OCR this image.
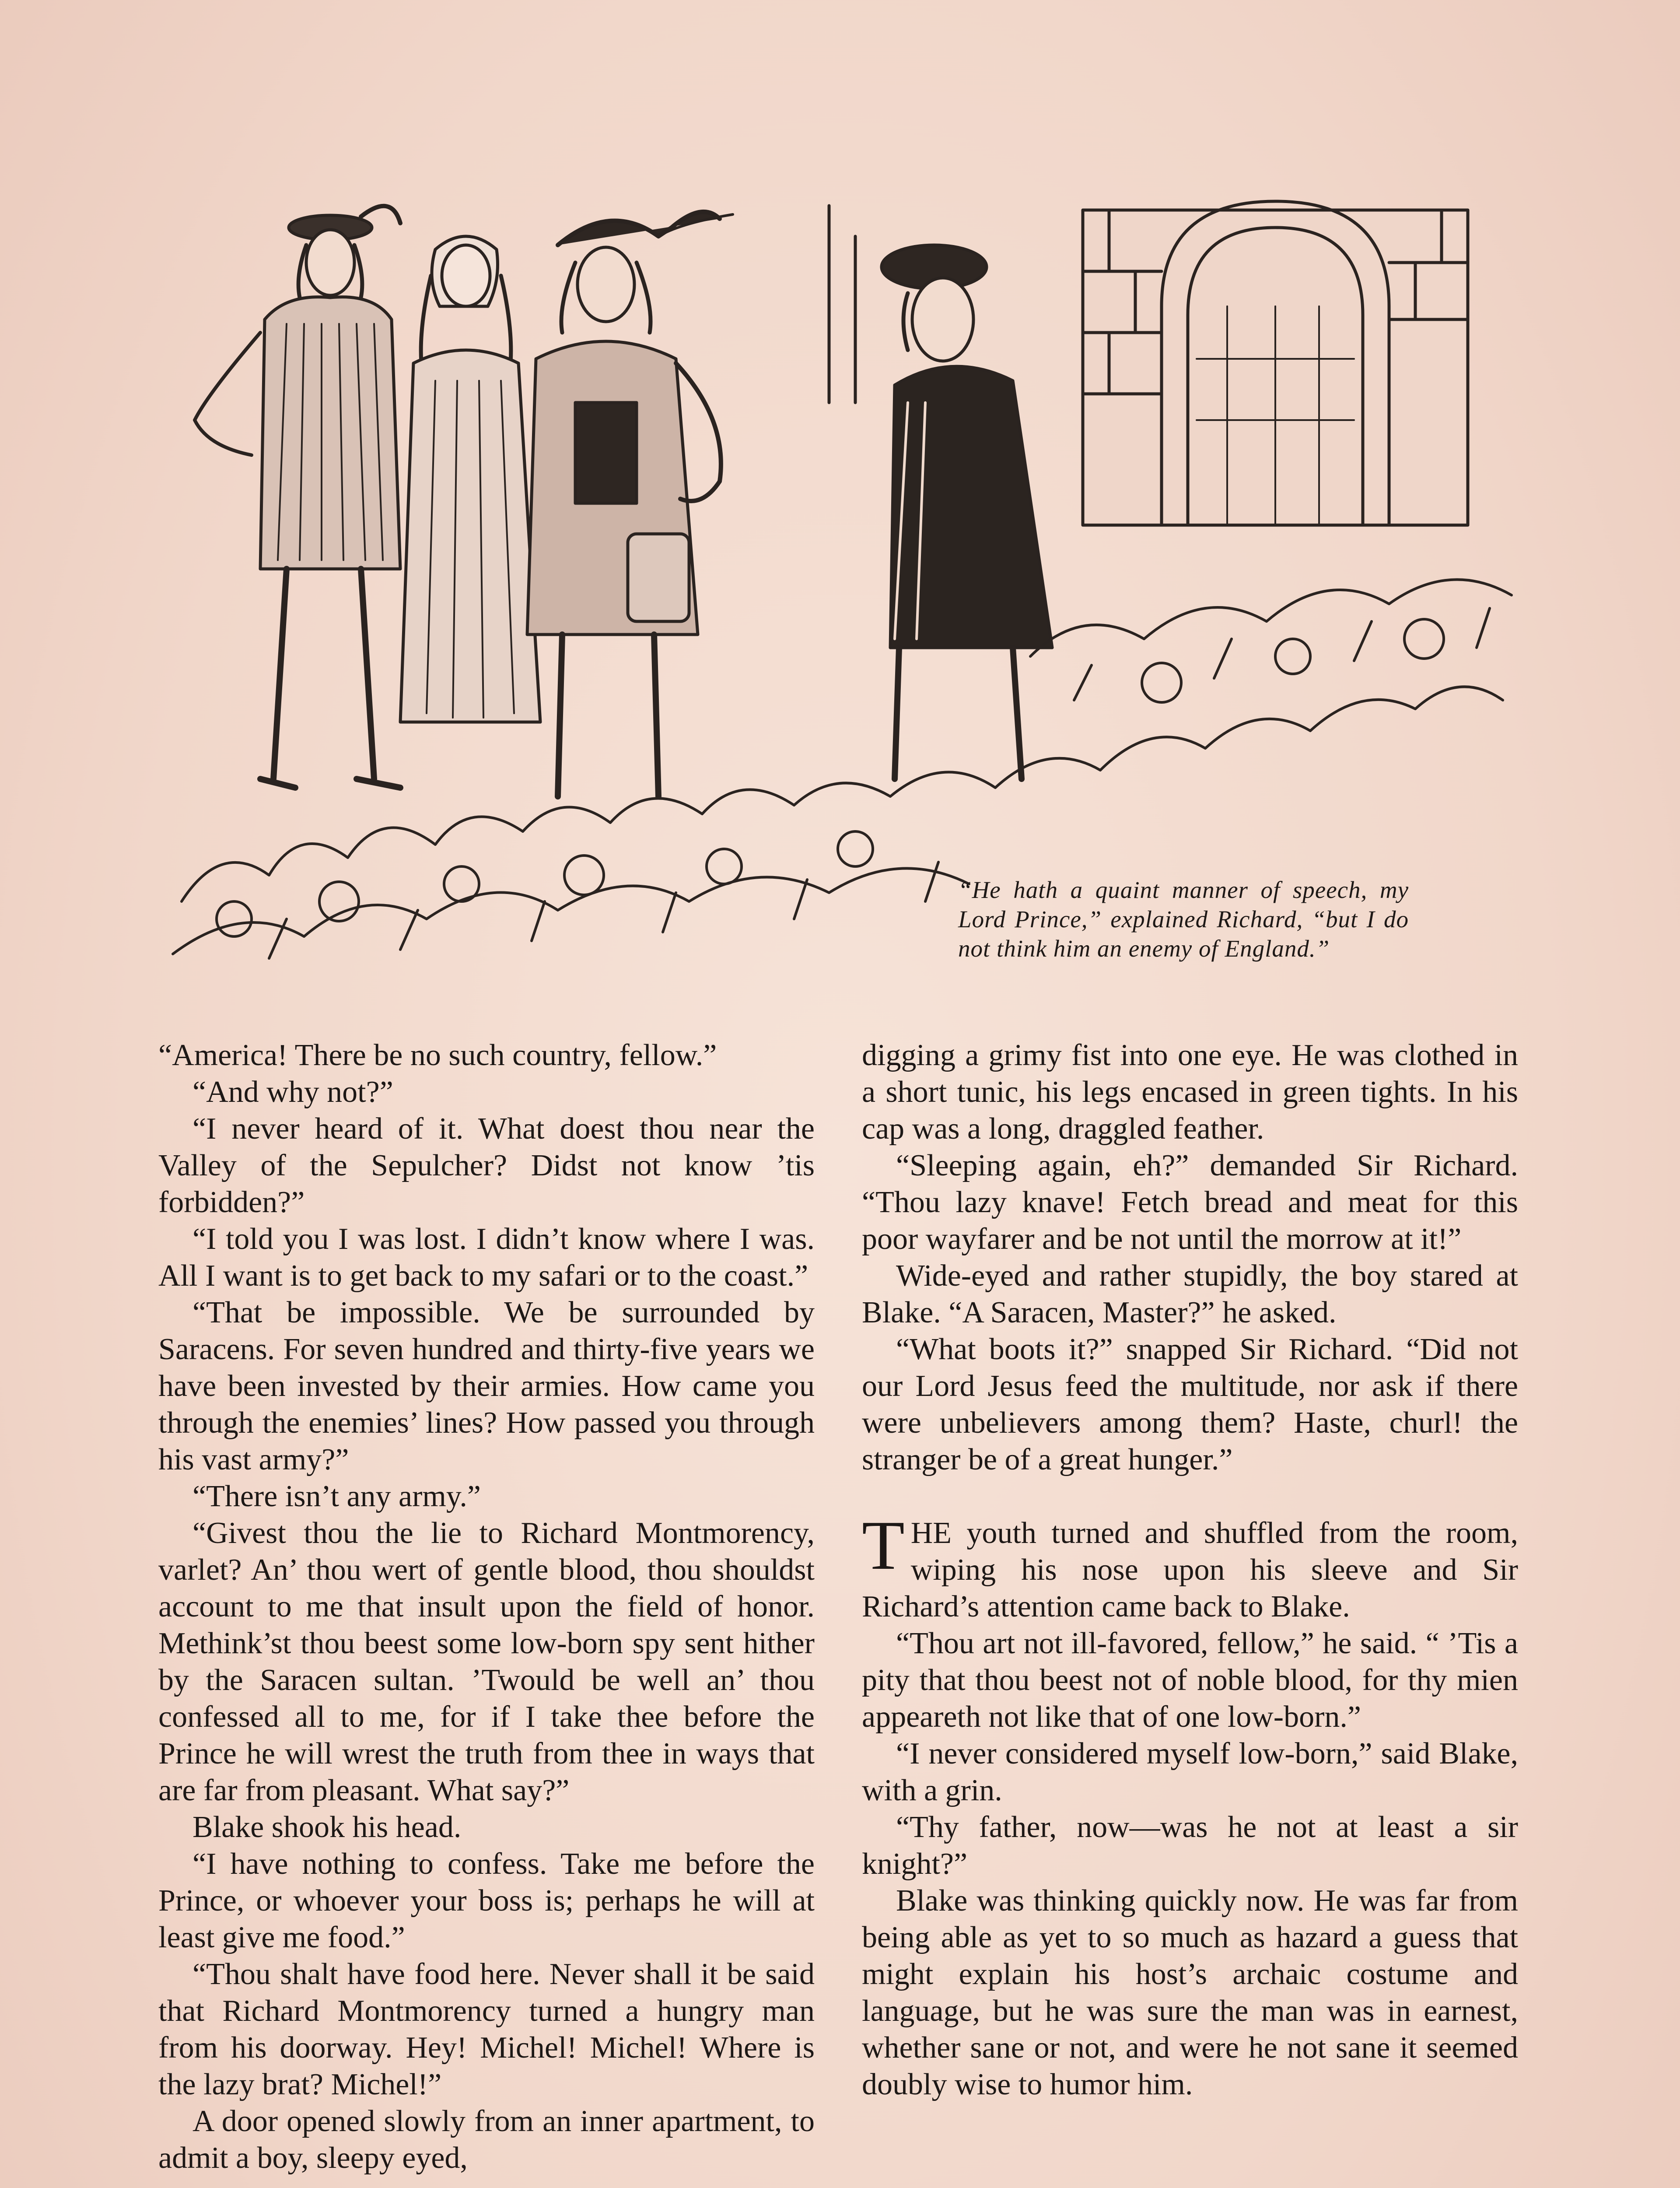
“He hath a quaint manner of speech, my Lord Prince,” explained Richard, “but I do not think him an enemy of England.”

“America! There be no such country, fellow.”

“And why not?”

“I never heard of it. What doest thou near the Valley of the Sepulcher? Didst not know ’tis forbidden?”

“I told you I was lost. I didn’t know where I was. All I want is to get back to my safari or to the coast.”

“That be impossible. We be surrounded by Saracens. For seven hundred and thirty-five years we have been invested by their armies. How came you through the enemies’ lines? How passed you through his vast army?”

“There isn’t any army.”

“Givest thou the lie to Richard Montmorency, varlet? An’ thou wert of gentle blood, thou shouldst account to me that insult upon the field of honor. Methink’st thou beest some low-born spy sent hither by the Saracen sultan. ’Twould be well an’ thou confessed all to me, for if I take thee before the Prince he will wrest the truth from thee in ways that are far from pleasant. What say?”

Blake shook his head.

“I have nothing to confess. Take me before the Prince, or whoever your boss is; perhaps he will at least give me food.”

“Thou shalt have food here. Never shall it be said that Richard Montmorency turned a hungry man from his doorway. Hey! Michel! Michel! Where is the lazy brat? Michel!”

A door opened slowly from an inner apartment, to admit a boy, sleepy eyed,

digging a grimy fist into one eye. He was clothed in a short tunic, his legs encased in green tights. In his cap was a long, draggled feather.

“Sleeping again, eh?” demanded Sir Richard. “Thou lazy knave! Fetch bread and meat for this poor wayfarer and be not until the morrow at it!”

Wide-eyed and rather stupidly, the boy stared at Blake. “A Saracen, Master?” he asked.

“What boots it?” snapped Sir Richard. “Did not our Lord Jesus feed the multitude, nor ask if there were unbelievers among them? Haste, churl! the stranger be of a great hunger.”

THE youth turned and shuffled from the room, wiping his nose upon his sleeve and Sir Richard’s attention came back to Blake.

“Thou art not ill-favored, fellow,” he said. “ ’Tis a pity that thou beest not of noble blood, for thy mien appeareth not like that of one low-born.”

“I never considered myself low-born,” said Blake, with a grin.

“Thy father, now—was he not at least a sir knight?”

Blake was thinking quickly now. He was far from being able as yet to so much as hazard a guess that might explain his host’s archaic costume and language, but he was sure the man was in earnest, whether sane or not, and were he not sane it seemed doubly wise to humor him.
